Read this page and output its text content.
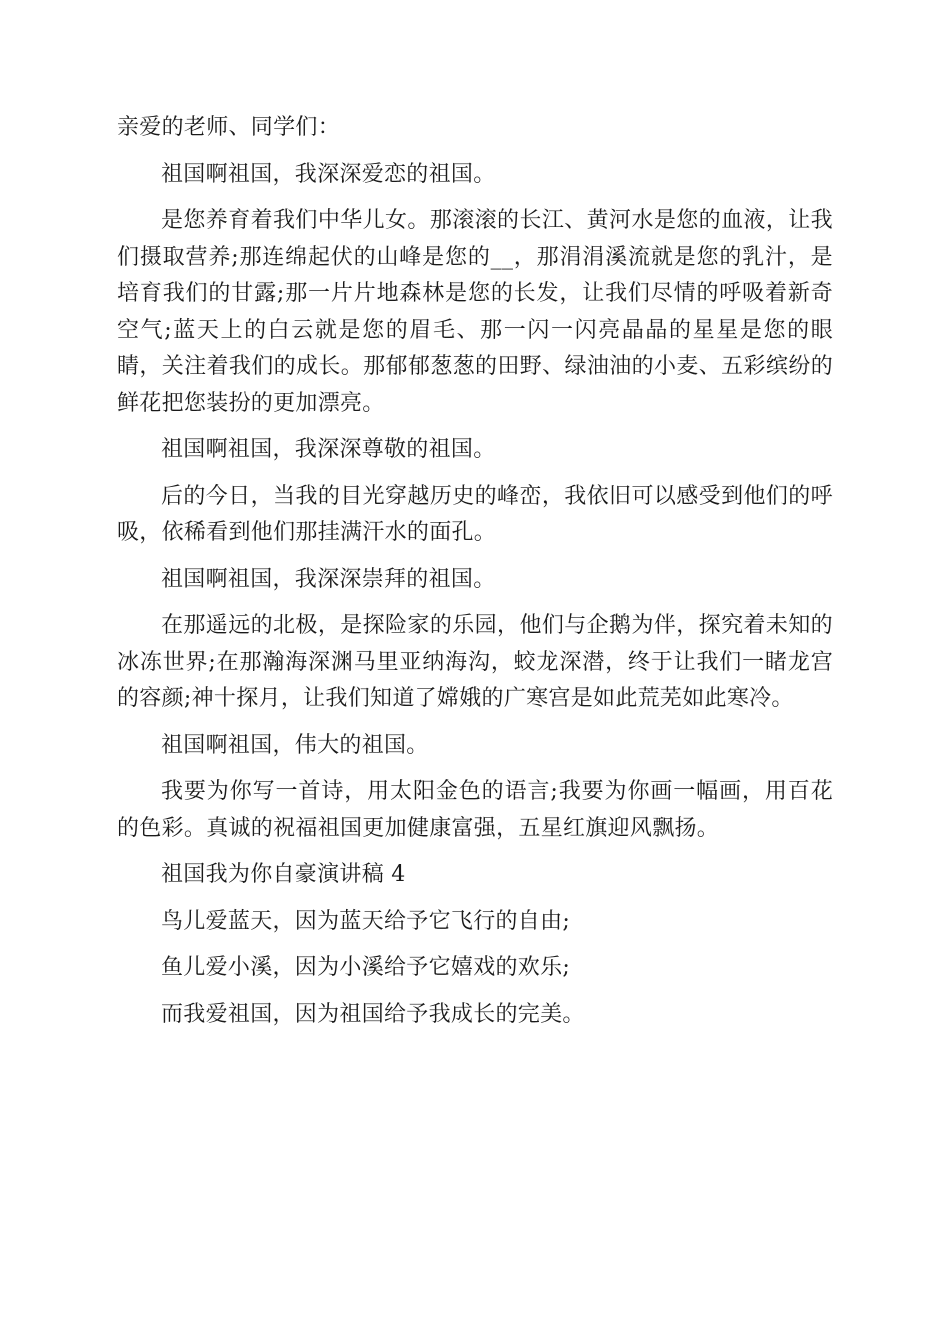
亲爱的老师、同学们：

祖国啊祖国，我深深爱恋的祖国。

是您养育着我们中华儿女。那滚滚的长江、黄河水是您的血液，让我们摄取营养;那连绵起伏的山峰是您的__，那涓涓溪流就是您的乳汁，是培育我们的甘露;那一片片地森林是您的长发，让我们尽情的呼吸着新奇空气;蓝天上的白云就是您的眉毛、那一闪一闪亮晶晶的星星是您的眼睛，关注着我们的成长。那郁郁葱葱的田野、绿油油的小麦、五彩缤纷的鲜花把您装扮的更加漂亮。

祖国啊祖国，我深深尊敬的祖国。

后的今日，当我的目光穿越历史的峰峦，我依旧可以感受到他们的呼吸，依稀看到他们那挂满汗水的面孔。

祖国啊祖国，我深深崇拜的祖国。

在那遥远的北极，是探险家的乐园，他们与企鹅为伴，探究着未知的冰冻世界;在那瀚海深渊马里亚纳海沟，蛟龙深潜，终于让我们一睹龙宫的容颜;神十探月，让我们知道了嫦娥的广寒宫是如此荒芜如此寒冷。

祖国啊祖国，伟大的祖国。

我要为你写一首诗，用太阳金色的语言;我要为你画一幅画，用百花的色彩。真诚的祝福祖国更加健康富强，五星红旗迎风飘扬。

祖国我为你自豪演讲稿 4

鸟儿爱蓝天，因为蓝天给予它飞行的自由;

鱼儿爱小溪，因为小溪给予它嬉戏的欢乐;

而我爱祖国，因为祖国给予我成长的完美。
